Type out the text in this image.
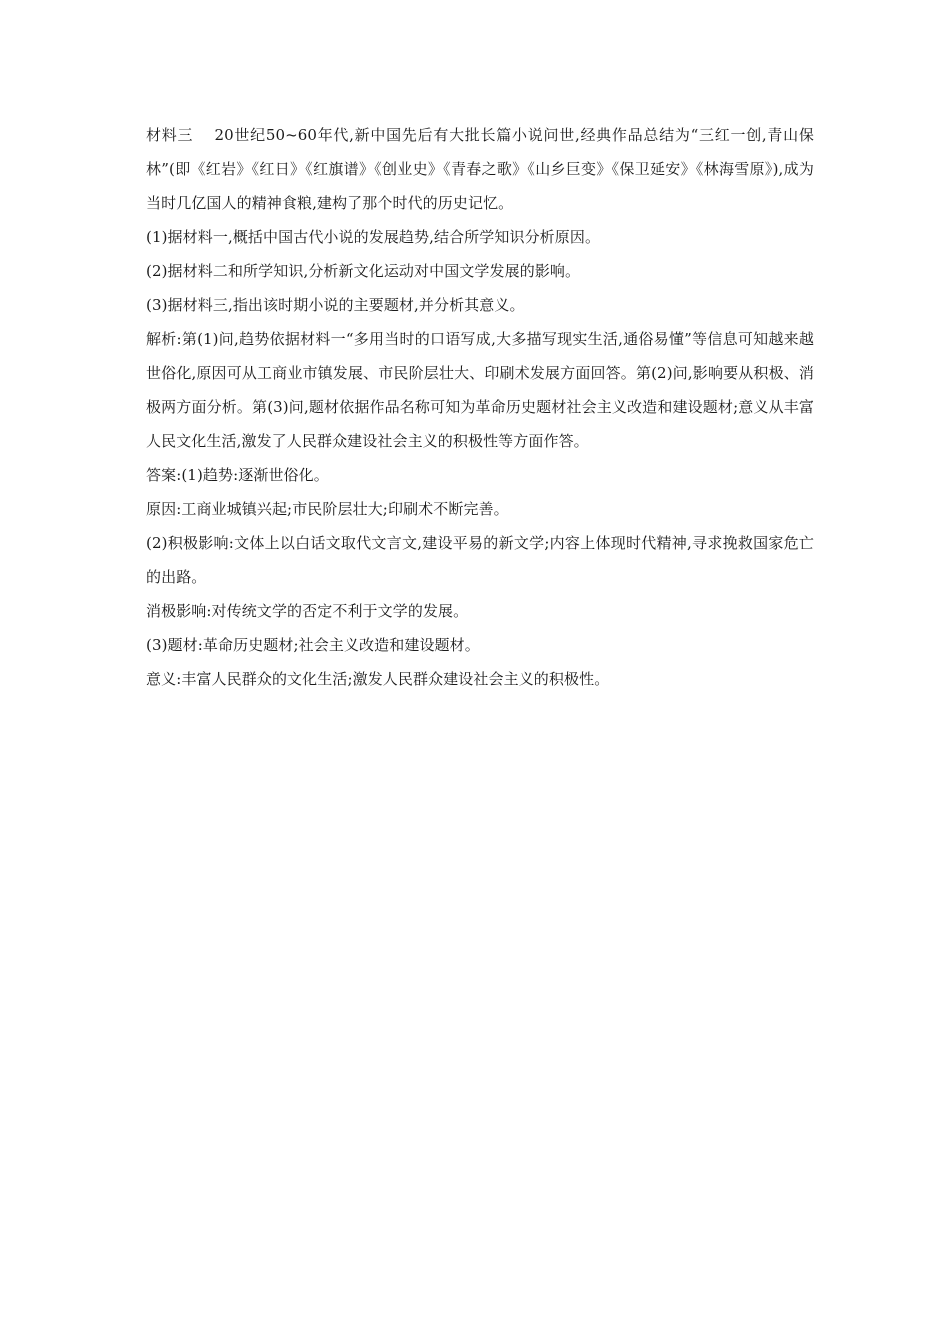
材料三　 20世纪50~60年代,新中国先后有大批长篇小说问世,经典作品总结为“三红一创,青山保林”(即《红岩》《红日》《红旗谱》《创业史》《青春之歌》《山乡巨变》《保卫延安》《林海雪原》),成为当时几亿国人的精神食粮,建构了那个时代的历史记忆。

(1)据材料一,概括中国古代小说的发展趋势,结合所学知识分析原因。

(2)据材料二和所学知识,分析新文化运动对中国文学发展的影响。

(3)据材料三,指出该时期小说的主要题材,并分析其意义。

解析:第(1)问,趋势依据材料一“多用当时的口语写成,大多描写现实生活,通俗易懂”等信息可知越来越世俗化,原因可从工商业市镇发展、市民阶层壮大、印刷术发展方面回答。第(2)问,影响要从积极、消极两方面分析。第(3)问,题材依据作品名称可知为革命历史题材社会主义改造和建设题材;意义从丰富人民文化生活,激发了人民群众建设社会主义的积极性等方面作答。

答案:(1)趋势:逐渐世俗化。

原因:工商业城镇兴起;市民阶层壮大;印刷术不断完善。

(2)积极影响:文体上以白话文取代文言文,建设平易的新文学;内容上体现时代精神,寻求挽救国家危亡的出路。

消极影响:对传统文学的否定不利于文学的发展。

(3)题材:革命历史题材;社会主义改造和建设题材。

意义:丰富人民群众的文化生活;激发人民群众建设社会主义的积极性。
